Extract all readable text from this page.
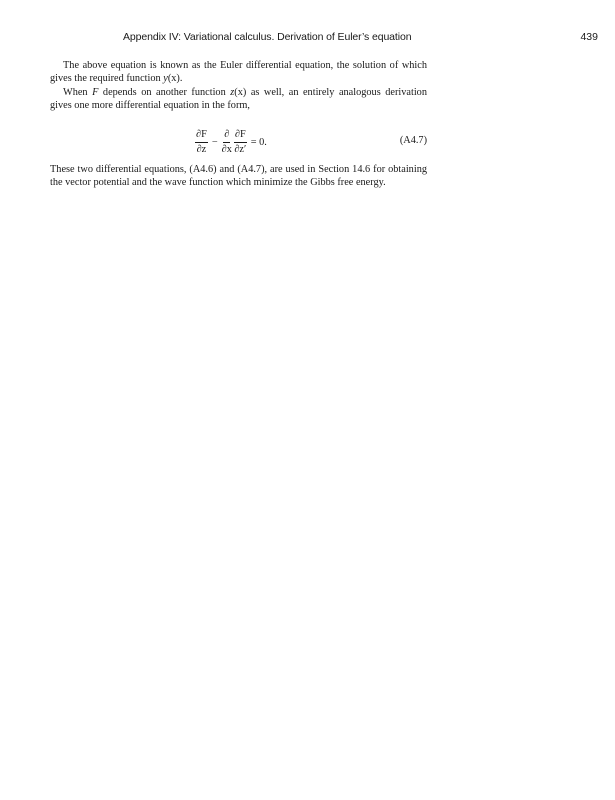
Appendix IV: Variational calculus. Derivation of Euler’s equation	439

The above equation is known as the Euler differential equation, the solution of which gives the required function y(x).

When F depends on another function z(x) as well, an entirely analogous derivation gives one more differential equation in the form,

$\frac{\partial F}{\partial z} - \frac{\partial}{\partial x} \frac{\partial F}{\partial z'} = 0$.	(A4.7)

These two differential equations, (A4.6) and (A4.7), are used in Section 14.6 for obtaining the vector potential and the wave function which minimize the Gibbs free energy.
